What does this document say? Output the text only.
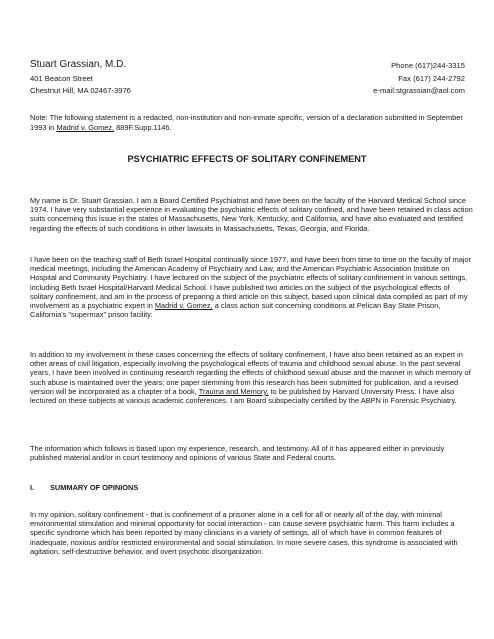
Stuart Grassian, M.D.
401 Beacon Street
Chestnut Hill, MA 02467-3976
Phone (617)244-3315
Fax (617) 244-2792
e-mail:stgrassian@aol.com
Note: The following statement is a redacted, non-institution and non-inmate specific, version of a declaration submitted in September 1993 in Madrid v. Gomez, 889F.Supp.1146.
PSYCHIATRIC EFFECTS OF SOLITARY CONFINEMENT

My name is Dr. Stuart Grassian. I am a Board Certified Psychiatrist and have been on the faculty of the Harvard Medical School since 1974. I have very substantial experience in evaluating the psychiatric effects of solitary confined, and have been retained in class action suits concerning this issue in the states of Massachusetts, New York, Kentucky, and California, and have also evaluated and testified regarding the effects of such conditions in other lawsuits in Massachusetts, Texas, Georgia, and Florida.

I have been on the teaching staff of Beth Israel Hospital continually since 1977, and have been from time to time on the faculty of major medical meetings, including the American Academy of Psychiatry and Law, and the American Psychiatric Association Institute on Hospital and Community Psychiatry. I have lectured on the subject of the psychiatric effects of solitary confinement in various settings, including Beth Israel Hospital/Harvard Medical School. I have published two articles on the subject of the psychological effects of solitary confinement, and am in the process of preparing a third article on this subject, based upon clinical data compiled as part of my involvement as a psychiatric expert in Madrid v. Gomez, a class action suit concerning conditions at Pelican Bay State Prison, California's "supermax" prison facility.

In addition to my involvement in these cases concerning the effects of solitary confinement, I have also been retained as an expert in other areas of civil litigation, especially involving the psychological effects of trauma and childhood sexual abuse. In the past several years, I have been involved in continuing research regarding the effects of childhood sexual abuse and the manner in which memory of such abuse is maintained over the years; one paper stemming from this research has been submitted for publication, and a revised version will be incorporated as a chapter of a book, Trauma and Memory, to be published by Harvard University Press. I have also lectured on these subjects at various academic conferences. I am Board subspecialty certified by the ABPN in Forensic Psychiatry.

The information which follows is based upon my experience, research, and testimony. All of it has appeared either in previously published material and/or in court testimony and opinions of various State and Federal courts.

I. SUMMARY OF OPINIONS

In my opinion, solitary confinement - that is confinement of a prisoner alone in a cell for all or nearly all of the day, with minimal environmental stimulation and minimal opportunity for social interaction - can cause severe psychiatric harm. This harm includes a specific syndrome which has been reported by many clinicians in a variety of settings, all of which have in common features of inadequate, noxious and/or restricted environmental and social stimulation. In more severe cases, this syndrome is associated with agitation, self-destructive behavior, and overt psychotic disorganization.
